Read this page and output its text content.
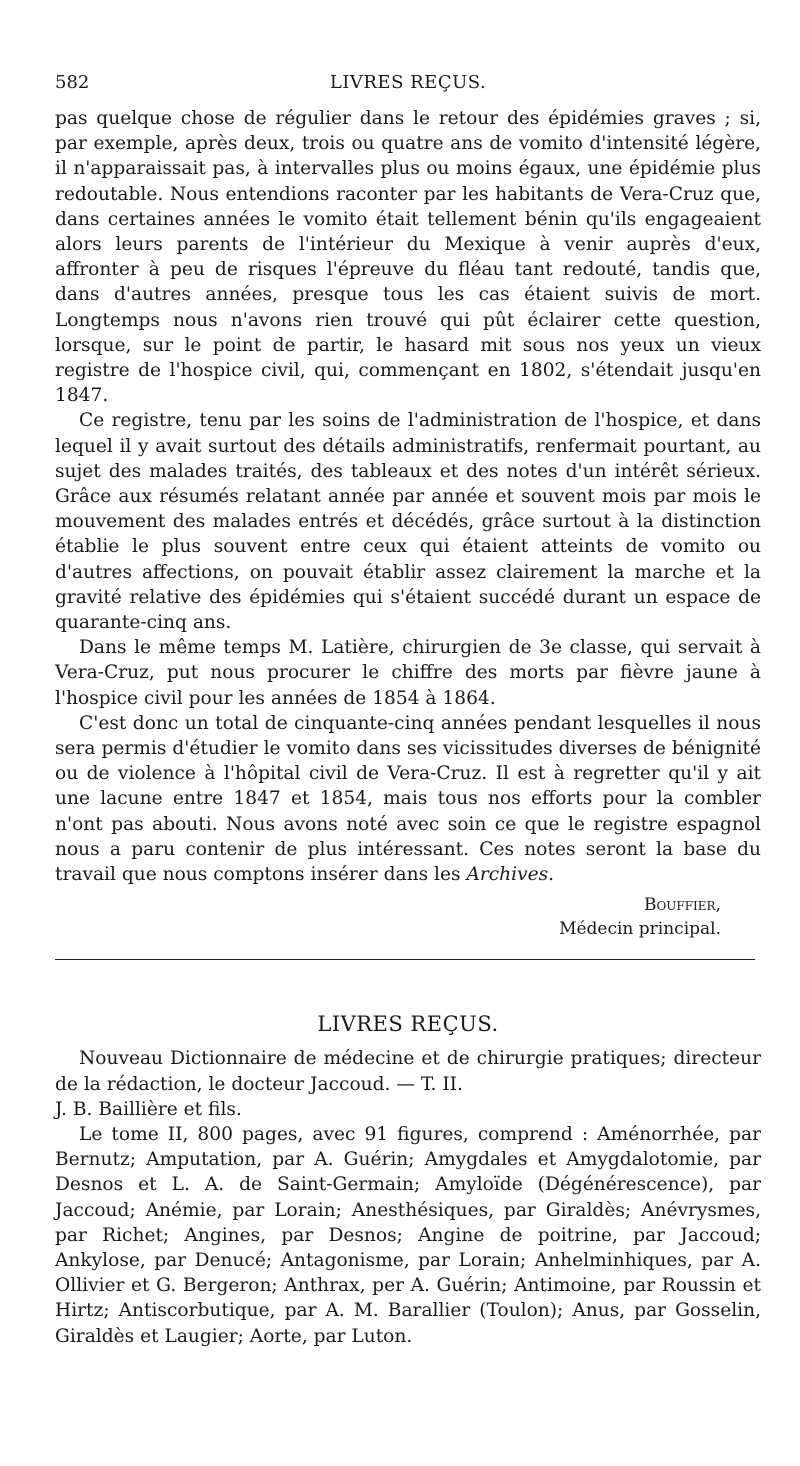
582	LIVRES REÇUS.

pas quelque chose de régulier dans le retour des épidémies graves ; si, par exemple, après deux, trois ou quatre ans de vomito d'intensité légère, il n'apparaissait pas, à intervalles plus ou moins égaux, une épidémie plus redoutable. Nous entendions raconter par les habitants de Vera-Cruz que, dans certaines années le vomito était tellement bénin qu'ils engageaient alors leurs parents de l'intérieur du Mexique à venir auprès d'eux, affronter à peu de risques l'épreuve du fléau tant redouté, tandis que, dans d'autres années, presque tous les cas étaient suivis de mort. Longtemps nous n'avons rien trouvé qui pût éclairer cette question, lorsque, sur le point de partir, le hasard mit sous nos yeux un vieux registre de l'hospice civil, qui, commençant en 1802, s'étendait jusqu'en 1847.

Ce registre, tenu par les soins de l'administration de l'hospice, et dans lequel il y avait surtout des détails administratifs, renfermait pourtant, au sujet des malades traités, des tableaux et des notes d'un intérêt sérieux. Grâce aux résumés relatant année par année et souvent mois par mois le mouvement des malades entrés et décédés, grâce surtout à la distinction établie le plus souvent entre ceux qui étaient atteints de vomito ou d'autres affections, on pouvait établir assez clairement la marche et la gravité relative des épidémies qui s'étaient succédé durant un espace de quarante-cinq ans.

Dans le même temps M. Latière, chirurgien de 3e classe, qui servait à Vera-Cruz, put nous procurer le chiffre des morts par fièvre jaune à l'hospice civil pour les années de 1854 à 1864.

C'est donc un total de cinquante-cinq années pendant lesquelles il nous sera permis d'étudier le vomito dans ses vicissitudes diverses de bénignité ou de violence à l'hôpital civil de Vera-Cruz. Il est à regretter qu'il y ait une lacune entre 1847 et 1854, mais tous nos efforts pour la combler n'ont pas abouti. Nous avons noté avec soin ce que le registre espagnol nous a paru contenir de plus intéressant. Ces notes seront la base du travail que nous comptons insérer dans les Archives.

Bouffier,
Médecin principal.
LIVRES REÇUS.

Nouveau Dictionnaire de médecine et de chirurgie pratiques; directeur de la rédaction, le docteur Jaccoud. — T. II.

J. B. Baillière et fils.

Le tome II, 800 pages, avec 91 figures, comprend : Aménorrhée, par Bernutz; Amputation, par A. Guérin; Amygdales et Amygdalotomie, par Desnos et L. A. de Saint-Germain; Amyloïde (Dégénérescence), par Jaccoud; Anémie, par Lorain; Anesthésiques, par Giraldès; Anévrysmes, par Richet; Angines, par Desnos; Angine de poitrine, par Jaccoud; Ankylose, par Denucé; Antagonisme, par Lorain; Anhelminhiques, par A. Ollivier et G. Bergeron; Anthrax, per A. Guérin; Antimoine, par Roussin et Hirtz; Antiscorbutique, par A. M. Barallier (Toulon); Anus, par Gosselin, Giraldès et Laugier; Aorte, par Luton.
